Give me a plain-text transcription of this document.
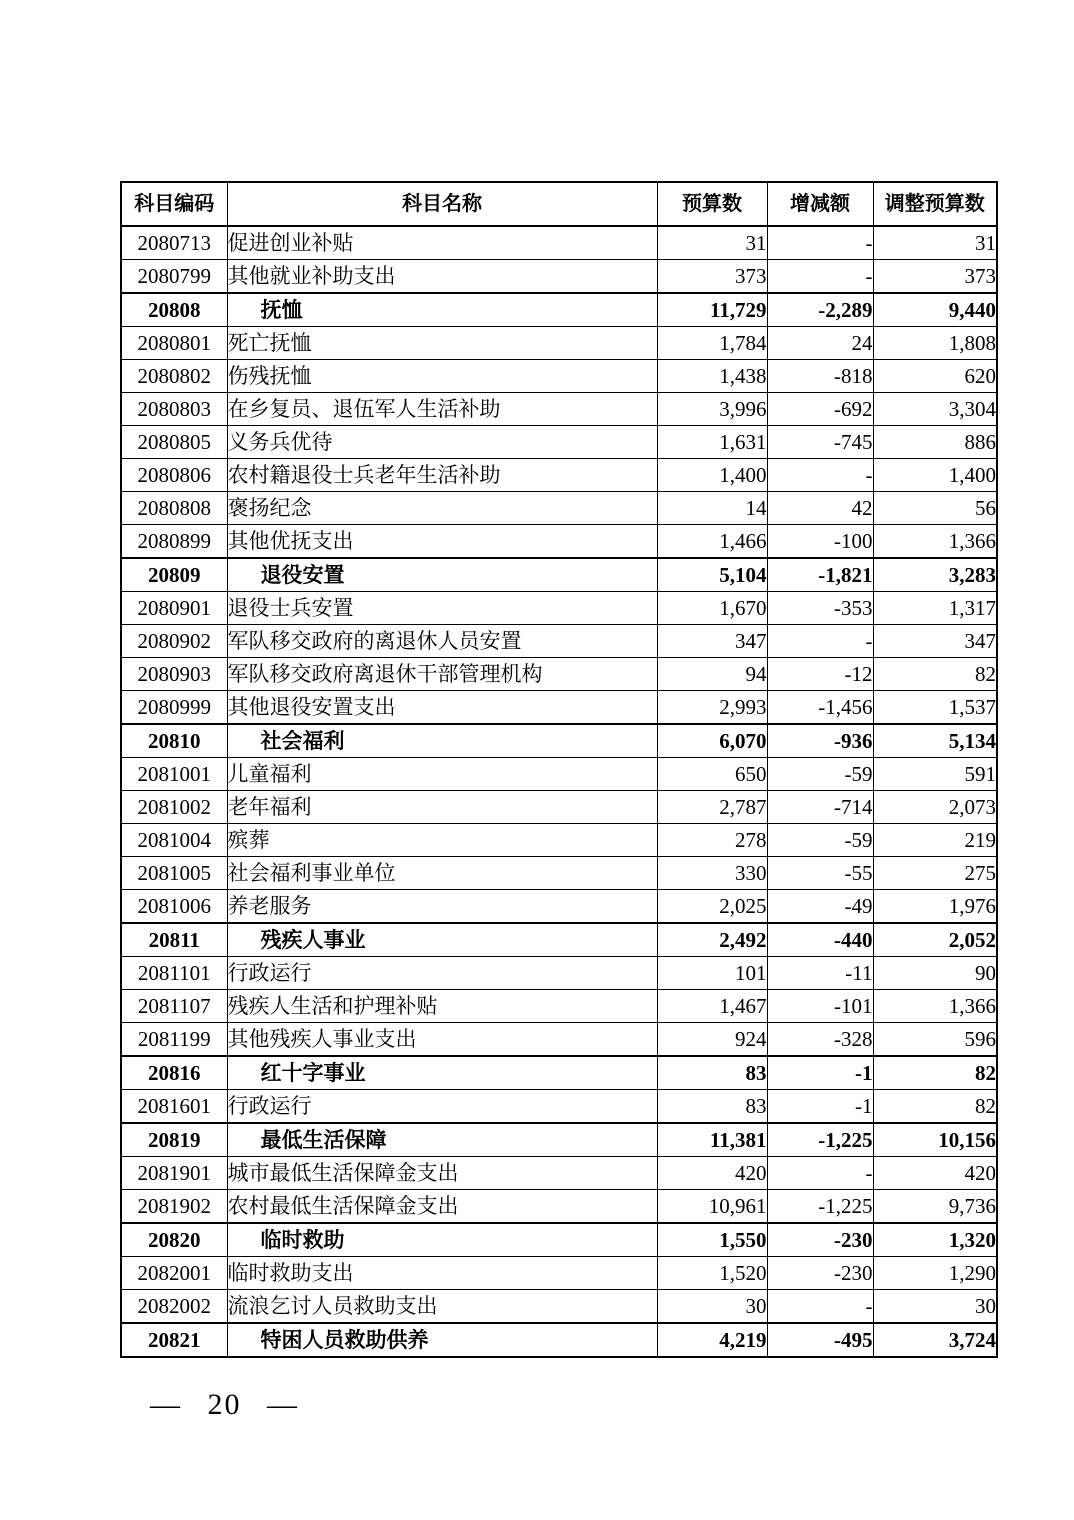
科目编码	科目名称	预算数	增减额	调整预算数
2080713	促进创业补贴	31	-	31
2080799	其他就业补助支出	373	-	373
20808	抚恤	11,729	-2,289	9,440
2080801	死亡抚恤	1,784	24	1,808
2080802	伤残抚恤	1,438	-818	620
2080803	在乡复员、退伍军人生活补助	3,996	-692	3,304
2080805	义务兵优待	1,631	-745	886
2080806	农村籍退役士兵老年生活补助	1,400	-	1,400
2080808	褒扬纪念	14	42	56
2080899	其他优抚支出	1,466	-100	1,366
20809	退役安置	5,104	-1,821	3,283
2080901	退役士兵安置	1,670	-353	1,317
2080902	军队移交政府的离退休人员安置	347	-	347
2080903	军队移交政府离退休干部管理机构	94	-12	82
2080999	其他退役安置支出	2,993	-1,456	1,537
20810	社会福利	6,070	-936	5,134
2081001	儿童福利	650	-59	591
2081002	老年福利	2,787	-714	2,073
2081004	殡葬	278	-59	219
2081005	社会福利事业单位	330	-55	275
2081006	养老服务	2,025	-49	1,976
20811	残疾人事业	2,492	-440	2,052
2081101	行政运行	101	-11	90
2081107	残疾人生活和护理补贴	1,467	-101	1,366
2081199	其他残疾人事业支出	924	-328	596
20816	红十字事业	83	-1	82
2081601	行政运行	83	-1	82
20819	最低生活保障	11,381	-1,225	10,156
2081901	城市最低生活保障金支出	420	-	420
2081902	农村最低生活保障金支出	10,961	-1,225	9,736
20820	临时救助	1,550	-230	1,320
2082001	临时救助支出	1,520	-230	1,290
2082002	流浪乞讨人员救助支出	30	-	30
20821	特困人员救助供养	4,219	-495	3,724
— 20 —
